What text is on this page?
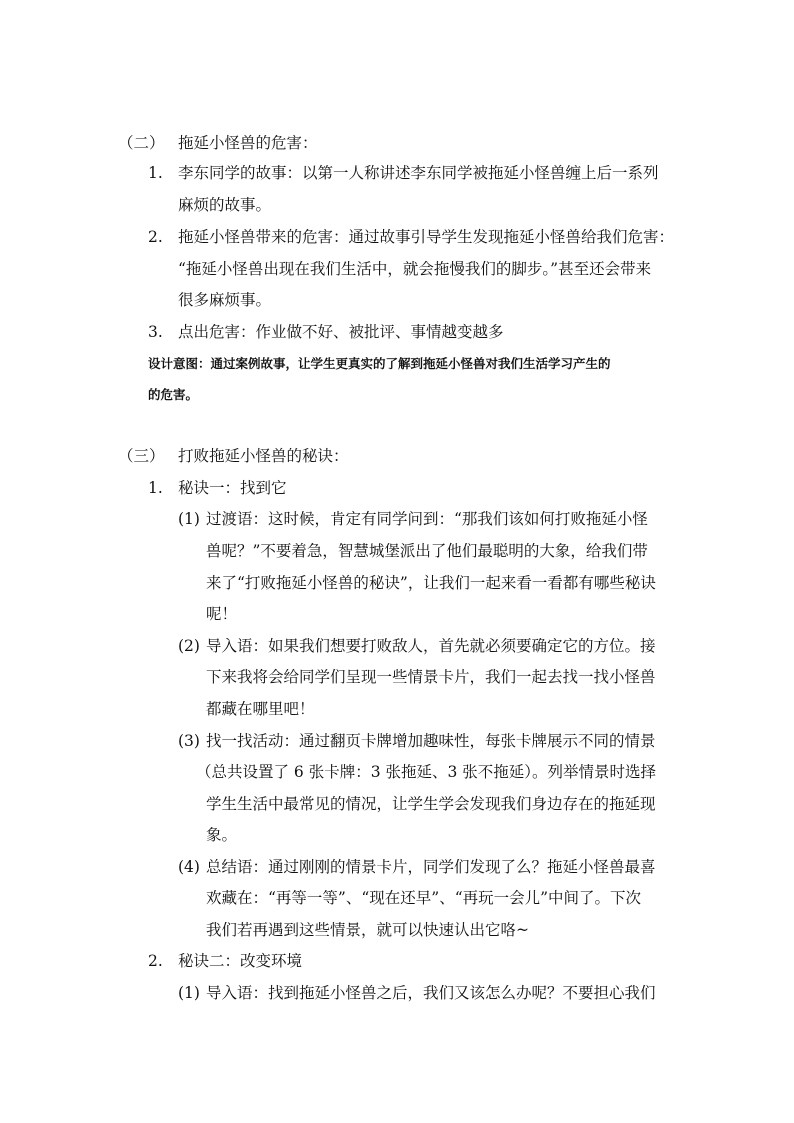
（二） 拖延小怪兽的危害：
1. 李东同学的故事：以第一人称讲述李东同学被拖延小怪兽缠上后一系列
麻烦的故事。
2. 拖延小怪兽带来的危害：通过故事引导学生发现拖延小怪兽给我们危害：
“拖延小怪兽出现在我们生活中，就会拖慢我们的脚步。”甚至还会带来
很多麻烦事。
3. 点出危害：作业做不好、被批评、事情越变越多
设计意图：通过案例故事，让学生更真实的了解到拖延小怪兽对我们生活学习产生的
的危害。
（三） 打败拖延小怪兽的秘诀：
1. 秘诀一：找到它
(1) 过渡语：这时候，肯定有同学问到：“那我们该如何打败拖延小怪
兽呢？”不要着急，智慧城堡派出了他们最聪明的大象，给我们带
来了“打败拖延小怪兽的秘诀”，让我们一起来看一看都有哪些秘诀
呢！
(2) 导入语：如果我们想要打败敌人，首先就必须要确定它的方位。接
下来我将会给同学们呈现一些情景卡片，我们一起去找一找小怪兽
都藏在哪里吧！
(3) 找一找活动：通过翻页卡牌增加趣味性，每张卡牌展示不同的情景
（总共设置了 6 张卡牌：3 张拖延、3 张不拖延）。列举情景时选择
学生生活中最常见的情况，让学生学会发现我们身边存在的拖延现
象。
(4) 总结语：通过刚刚的情景卡片，同学们发现了么？拖延小怪兽最喜
欢藏在：“再等一等”、“现在还早”、“再玩一会儿”中间了。下次
我们若再遇到这些情景，就可以快速认出它咯~
2. 秘诀二：改变环境
(1) 导入语：找到拖延小怪兽之后，我们又该怎么办呢？不要担心我们
